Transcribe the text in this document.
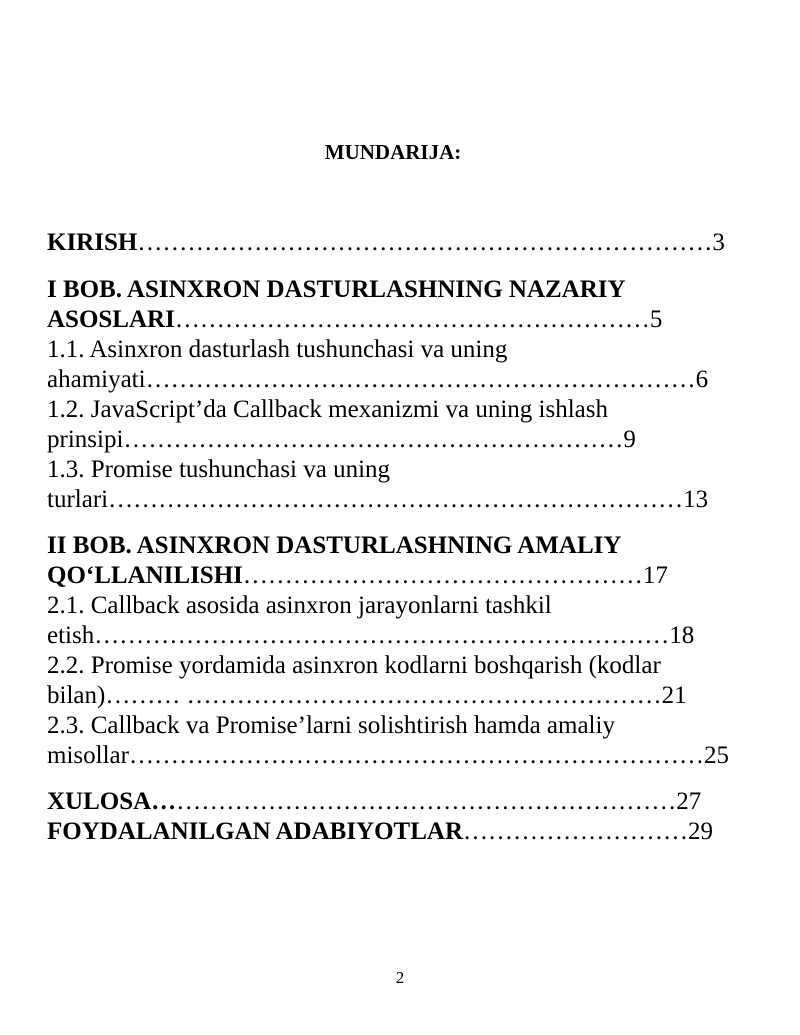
MUNDARIJA:
KIRISH……………………………………………………………3
I BOB. ASINXRON DASTURLASHNING NAZARIY
ASOSLARI…………………………………………………5
1.1. Asinxron dasturlash tushunchasi va uning
ahamiyati…………………………………………………………6
1.2. JavaScript’da Callback mexanizmi va uning ishlash
prinsipi……………………………………………………9
1.3. Promise tushunchasi va uning
turlari……………………………………………………………13
II BOB. ASINXRON DASTURLASHNING AMALIY
QO‘LLANILISHI…………………………………………17
2.1. Callback asosida asinxron jarayonlarni tashkil
etish……………………………………………………………18
2.2. Promise yordamida asinxron kodlarni boshqarish (kodlar
bilan)……… …………………………………………………21
2.3. Callback va Promise’larni solishtirish hamda amaliy
misollar……………………………………………………………25
XULOSA………………………………………………………27
FOYDALANILGAN ADABIYOTLAR………………………29
2
